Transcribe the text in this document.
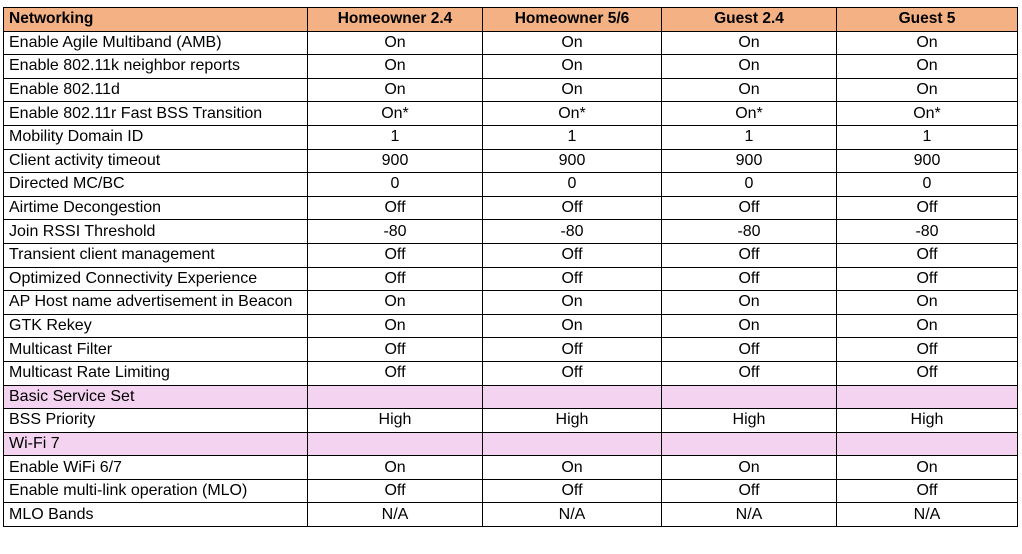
Networking	Homeowner 2.4	Homeowner 5/6	Guest 2.4	Guest 5
Enable Agile Multiband (AMB)	On	On	On	On
Enable 802.11k neighbor reports	On	On	On	On
Enable 802.11d	On	On	On	On
Enable 802.11r Fast BSS Transition	On*	On*	On*	On*
Mobility Domain ID	1	1	1	1
Client activity timeout	900	900	900	900
Directed MC/BC	0	0	0	0
Airtime Decongestion	Off	Off	Off	Off
Join RSSI Threshold	-80	-80	-80	-80
Transient client management	Off	Off	Off	Off
Optimized Connectivity Experience	Off	Off	Off	Off
AP Host name advertisement in Beacon	On	On	On	On
GTK Rekey	On	On	On	On
Multicast Filter	Off	Off	Off	Off
Multicast Rate Limiting	Off	Off	Off	Off
Basic Service Set				
BSS Priority	High	High	High	High
Wi-Fi 7				
Enable WiFi 6/7	On	On	On	On
Enable multi-link operation (MLO)	Off	Off	Off	Off
MLO Bands	N/A	N/A	N/A	N/A
